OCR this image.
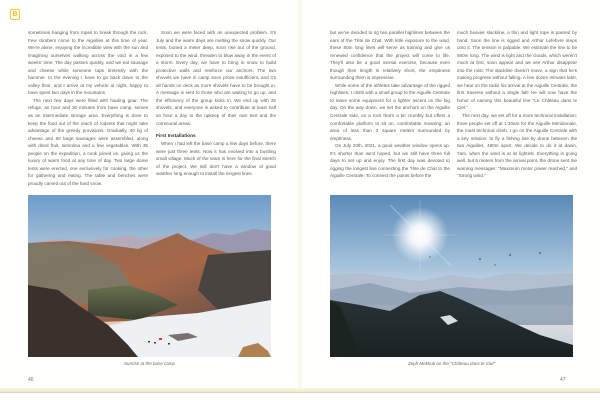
B

sometimes hanging from ropes to break through the rock. Few climbers come to the Aiguilles at this time of year. We're alone, enjoying the incredible view with the sun and imagining ourselves walking across the void in a few weeks' time. The day passes quickly, and we eat sausage and cheese while someone taps tirelessly with the hammer. In the evening I have to go back down to the valley floor, and I arrive at my vehicle at night, happy to have spent two days in the mountains.

The next few days were filled with hauling gear. The refuge, an hour and 30 minutes from base camp, serves as an intermediate storage area. Everything is done to keep the food out of the reach of rodents that might take advantage of the greedy provisions. Gradually, 40 kg of cheese and 80 large sausages were assembled, along with dried fruit, semolina and a few vegetables. With 35 people on the expedition, a cook joined us, giving us the luxury of warm food at any time of day. Two large dome tents were erected, one exclusively for cooking, the other for gathering and eating. The table and benches were proudly carved out of the hard snow.

Soon we were faced with an unexpected problem. It's July and the warm days are melting the snow quickly. Our tents, buried a meter deep, soon rise out of the ground, exposed to the wind, threaten to blow away in the event of a storm. Every day, we have to bring in snow to build protective walls and reinforce our anchors. The two shovels we have in camp soon prove insufficient, and it's all hands on deck as more shovels have to be brought in. A message is sent to those who are waiting to go up, and the efficiency of the group kicks in. We end up with 25 shovels, and everyone is asked to contribute at least half an hour a day to the upkeep of their own tent and the communal areas.

First Installations

When I had left the base camp a few days before, there were just three tents. Now it has evolved into a bustling small village. Much of the team is here for the final stretch of the project. We still don't have a window of good weather long enough to install the longest lines.

Sunrise at the base camp
46

but we've decided to rig two parallel highlines between the ears of the Tête de Chat. With little exposure to the wind, these 80m long lines will serve as training and give us renewed confidence that the project will come to life. They'll also be a good mental exercise, because even though their length is relatively short, the emptiness surrounding them is impressive.

While some of the athletes take advantage of the rigged highlines, I climb with a small group to the Aiguille Centrale to leave some equipment for a lighter ascent on the big day. On the way down, we set the anchors on the Aiguille Centrale side, on a rock that's a bit crumbly but offers a comfortable platform to sit on, comfortable meaning: an area of less than 3 square meters surrounded by emptiness.

On July 20th, 2021, a good weather window opens up. It's shorter than we'd hoped, but we still have three full days to set up and enjoy. The first day was devoted to rigging the longest line connecting the Tête de Chat to the Aiguille Centrale. To connect the points before the

much heavier slackline, a thin and light rope is passed by hand. Soon the line is rigged and Arthur Lefebvre steps onto it. The tension is palpable. We estimate the line to be 560m long. The wind is light and the clouds, which weren't much at first, soon appear and we see Arthur disappear into the mist. The slackline doesn't move, a sign that he's making progress without falling. A few dozen minutes later, we hear on the radio his arrival at the Aiguille Centrale, the first traverse without a single fall! He will now have the honor of naming this beautiful line "Le Château dans le Ciel."

The next day, we set off for a more technical installation; three people set off at 1:30am for the Aiguille Méridionale, the most technical climb. I go on the Aiguille Centrale with a key mission: to fly a fishing line by drone between the two Aiguilles, 480m apart. We decide to do it at dawn, 7am, when the wind is at its lightest. Everything is going well, but 5 meters from the arrival point, the drone sent me warning messages: "Maximum motor power reached," and "Strong wind."

Zeph Mekhuk on the "Château dans le Ciel"
47
